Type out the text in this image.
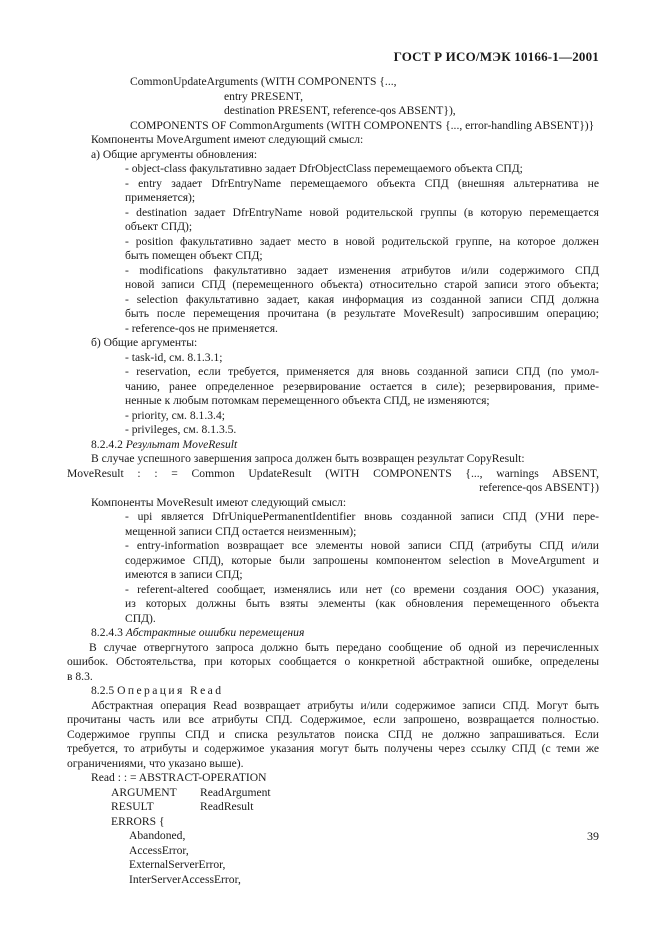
ГОСТ Р ИСО/МЭК 10166-1—2001

CommonUpdateArguments (WITH COMPONENTS {...,

entry PRESENT,

destination PRESENT, reference-qos ABSENT}),

COMPONENTS OF CommonArguments (WITH COMPONENTS {..., error-handling ABSENT})}

Компоненты MoveArgument имеют следующий смысл:

а) Общие аргументы обновления:

- object-class факультативно задает DfrObjectClass перемещаемого объекта СПД;

- entry задает DfrEntryName перемещаемого объекта СПД (внешняя альтернатива не

применяется);

- destination задает DfrEntryName новой родительской группы (в которую перемещается

объект СПД);

- position факультативно задает место в новой родительской группе, на которое должен

быть помещен объект СПД;

- modifications факультативно задает изменения атрибутов и/или содержимого СПД

новой записи СПД (перемещенного объекта) относительно старой записи этого объекта;

- selection факультативно задает, какая информация из созданной записи СПД должна

быть после перемещения прочитана (в результате MoveResult) запросившим операцию;

- reference-qos не применяется.

б) Общие аргументы:

- task-id, см. 8.1.3.1;

- reservation, если требуется, применяется для вновь созданной записи СПД (по умол-

чанию, ранее определенное резервирование остается в силе); резервирования, приме-

ненные к любым потомкам перемещенного объекта СПД, не изменяются;

- priority, см. 8.1.3.4;

- privileges, см. 8.1.3.5.

8.2.4.2 Результат MoveResult

В случае успешного завершения запроса должен быть возвращен результат CopyResult:

MoveResult : : = Common UpdateResult (WITH COMPONENTS {..., warnings ABSENT,

reference-qos ABSENT})

Компоненты MoveResult имеют следующий смысл:

- upi является DfrUniquePermanentIdentifier вновь созданной записи СПД (УНИ пере-

мещенной записи СПД остается неизменным);

- entry-information возвращает все элементы новой записи СПД (атрибуты СПД и/или

содержимое СПД), которые были запрошены компонентом selection в MoveArgument и

имеются в записи СПД;

- referent-altered сообщает, изменялись или нет (со времени создания ООС) указания,

из которых должны быть взяты элементы (как обновления перемещенного объекта

СПД).

8.2.4.3 Абстрактные ошибки перемещения

В случае отвергнутого запроса должно быть передано сообщение об одной из перечисленных

ошибок. Обстоятельства, при которых сообщается о конкретной абстрактной ошибке, определены

в 8.3.

8.2.5 Операция Read

Абстрактная операция Read возвращает атрибуты и/или содержимое записи СПД. Могут быть

прочитаны часть или все атрибуты СПД. Содержимое, если запрошено, возвращается полностью.

Содержимое группы СПД и списка результатов поиска СПД не должно запрашиваться. Если

требуется, то атрибуты и содержимое указания могут быть получены через ссылку СПД (с теми же

ограничениями, что указано выше).

Read : : = ABSTRACT-OPERATION

ARGUMENT	ReadArgument
RESULT	ReadResult

ERRORS {

Abandoned,

AccessError,

ExternalServerError,

InterServerAccessError,

39
